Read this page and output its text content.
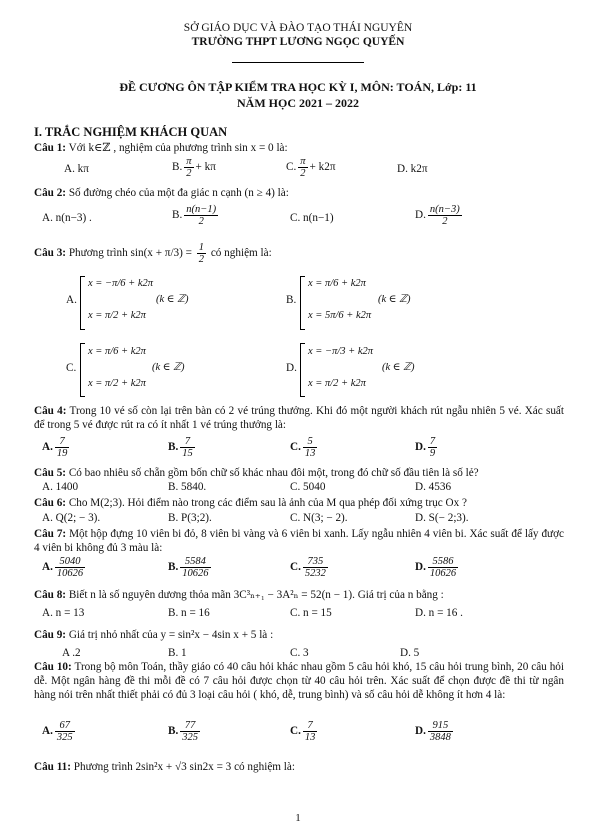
SỞ GIÁO DỤC VÀ ĐÀO TẠO THÁI NGUYÊN
TRƯỜNG THPT LƯƠNG NGỌC QUYẾN
ĐỀ CƯƠNG ÔN TẬP KIỂM TRA HỌC KỲ I, MÔN: TOÁN, Lớp: 11
NĂM HỌC 2021 – 2022
I. TRẮC NGHIỆM KHÁCH QUAN
Câu 1: Với k∈ℤ , nghiệm của phương trình sin x = 0 là:
A. kπ	B. $\frac{\pi}{2} + k\pi$	C. $\frac{\pi}{2} + k2\pi$	D. k2π
Câu 2: Số đường chéo của một đa giác n cạnh (n ≥ 4) là:
A. n(n−3) .	B. $\frac{n(n-1)}{2}$	C. n(n−1)	D. $\frac{n(n-3)}{2}$
Câu 3: Phương trình $\sin(x + \pi/3) = \frac{1}{2}$ có nghiệm là:
A.
x = −π/6 + k2π
x = π/2 + k2π
(k ∈ ℤ)	B.
x = π/6 + k2π
x = 5π/6 + k2π
(k ∈ ℤ)
C.
x = π/6 + k2π
x = π/2 + k2π
(k ∈ ℤ)	D.
x = −π/3 + k2π
x = π/2 + k2π
(k ∈ ℤ)
Câu 4: Trong 10 vé số còn lại trên bàn có 2 vé trúng thưởng. Khi đó một người khách rút ngẫu nhiên 5 vé. Xác suất để trong 5 vé được rút ra có ít nhất 1 vé trúng thưởng là:
A. $\frac{7}{19}$	B. $\frac{7}{15}$	C. $\frac{5}{13}$	D. $\frac{7}{9}$
Câu 5: Có bao nhiêu số chẵn gồm bốn chữ số khác nhau đôi một, trong đó chữ số đầu tiên là số lẻ?
A. 1400	B. 5840.	C. 5040	D. 4536
Câu 6: Cho M(2;3). Hỏi điểm nào trong các điểm sau là ảnh của M qua phép đối xứng trục Ox ?
A. Q(2; − 3).	B. P(3;2).	C. N(3; − 2).	D. S(− 2;3).
Câu 7: Một hộp đựng 10 viên bi đỏ, 8 viên bi vàng và 6 viên bi xanh. Lấy ngẫu nhiên 4 viên bi. Xác suất để lấy được 4 viên bi không đủ 3 màu là:
A. $\frac{5040}{10626}$	B. $\frac{5584}{10626}$	C. $\frac{735}{5232}$	D. $\frac{5586}{10626}$
Câu 8: Biết n là số nguyên dương thỏa mãn 3C³ₙ₊₁ − 3A²ₙ = 52(n − 1). Giá trị của n bằng :
A. n = 13	B. n = 16	C. n = 15	D. n = 16 .
Câu 9: Giá trị nhỏ nhất của y = sin²x − 4sin x + 5 là :
A .2	B. 1	C. 3	D. 5
Câu 10: Trong bộ môn Toán, thầy giáo có 40 câu hỏi khác nhau gồm 5 câu hỏi khó, 15 câu hỏi trung bình, 20 câu hỏi dễ. Một ngân hàng đề thi mỗi đề có 7 câu hỏi được chọn từ 40 câu hỏi trên. Xác suất để chọn được đề thi từ ngân hàng nói trên nhất thiết phải có đủ 3 loại câu hỏi ( khó, dễ, trung bình) và số câu hỏi dễ không ít hơn 4 là:
A. $\frac{67}{325}$	B. $\frac{77}{325}$	C. $\frac{7}{13}$	D. $\frac{915}{3848}$
Câu 11: Phương trình 2sin²x + √3 sin2x = 3 có nghiệm là:
1
